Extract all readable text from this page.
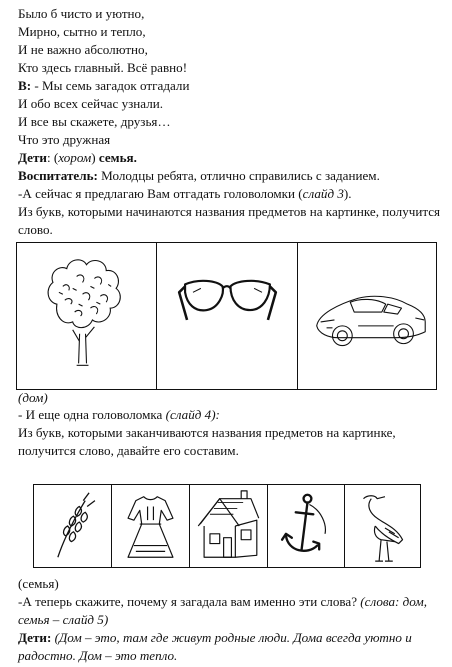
Было б чисто и уютно,
Мирно, сытно и тепло,
И не важно абсолютно,
Кто здесь главный. Всё равно!
В: - Мы семь загадок отгадали
И обо всех сейчас узнали.
И все вы скажете, друзья…
Что это дружная
Дети: (хором) семья.
Воспитатель: Молодцы ребята, отлично справились с заданием.
-А сейчас я предлагаю Вам отгадать головоломки (слайд 3).
Из букв, которыми начинаются названия предметов на картинке, получится
слово.
(дом)
- И еще одна головоломка (слайд 4):
Из букв, которыми заканчиваются названия предметов на картинке,
получится слово, давайте его составим.
(семья)
-А теперь скажите, почему я загадала вам именно эти слова? (слова: дом,
семья – слайд 5)
Дети: (Дом – это, там где живут родные люди. Дома всегда уютно и
радостно. Дом – это тепло.
